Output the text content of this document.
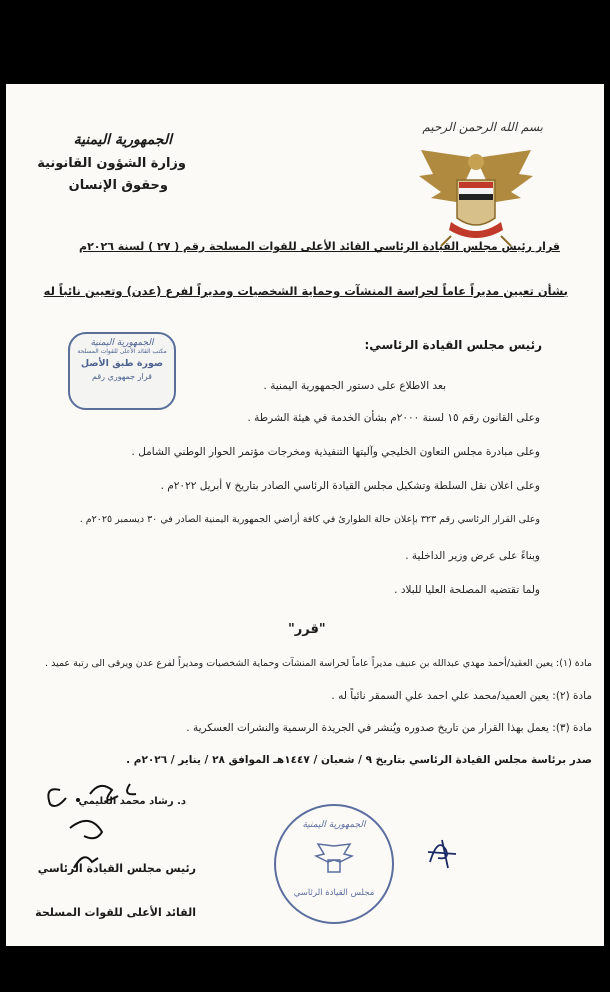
بسم الله الرحمن الرحيم
الجمهورية اليمنية
وزارة الشؤون القانونية
وحقوق الإنسان
قرار رئيس مجلس القيادة الرئاسي القائد الأعلى للقوات المسلحة رقم ( ٢٧ ) لسنة ٢٠٢٦م
بشأن تعيين مديراً عاماً لحراسة المنشآت وحماية الشخصيات ومديراً لفرع (عدن) وتعيين نائباً له
الجمهورية اليمنية
مكتب القائد الأعلى للقوات المسلحة
صورة طبق الأصل
قرار جمهوري رقم
رئيس مجلس القيادة الرئاسي:
بعد الاطلاع على دستور الجمهورية اليمنية .
وعلى القانون رقم ١٥ لسنة ٢٠٠٠م بشأن الخدمة في هيئة الشرطة .
وعلى مبادرة مجلس التعاون الخليجي وآليتها التنفيذية ومخرجات مؤتمر الحوار الوطني الشامل .
وعلى اعلان نقل السلطة وتشكيل مجلس القيادة الرئاسي الصادر بتاريخ ٧ أبريل ٢٠٢٢م .
وعلى القرار الرئاسي رقم ٣٢٣ بإعلان حالة الطوارئ في كافة أراضي الجمهورية اليمنية الصادر في ٣٠ ديسمبر ٢٠٢٥م .
وبناءً على عرض وزير الداخلية .
ولما تقتضيه المصلحة العليا للبلاد .
"قرر"
مادة (١): يعين العقيد/أحمد مهدي عبدالله بن عنيف مديراً عاماً لحراسة المنشآت وحماية الشخصيات ومديراً لفرع عدن ويرقى الى رتبة عميد .
مادة (٢): يعين العميد/محمد علي احمد علي السمقر نائباً له .
مادة (٣): يعمل بهذا القرار من تاريخ صدوره ويُنشر في الجريدة الرسمية والنشرات العسكرية .
صدر برئاسة مجلس القيادة الرئاسي بتاريخ ٩ / شعبان / ١٤٤٧هـ الموافق ٢٨ / يناير / ٢٠٢٦م .
د. رشاد محمد العليمي
رئيس مجلس القيادة الرئاسي
القائد الأعلى للقوات المسلحة
الجمهورية اليمنية
مجلس القيادة الرئاسي
